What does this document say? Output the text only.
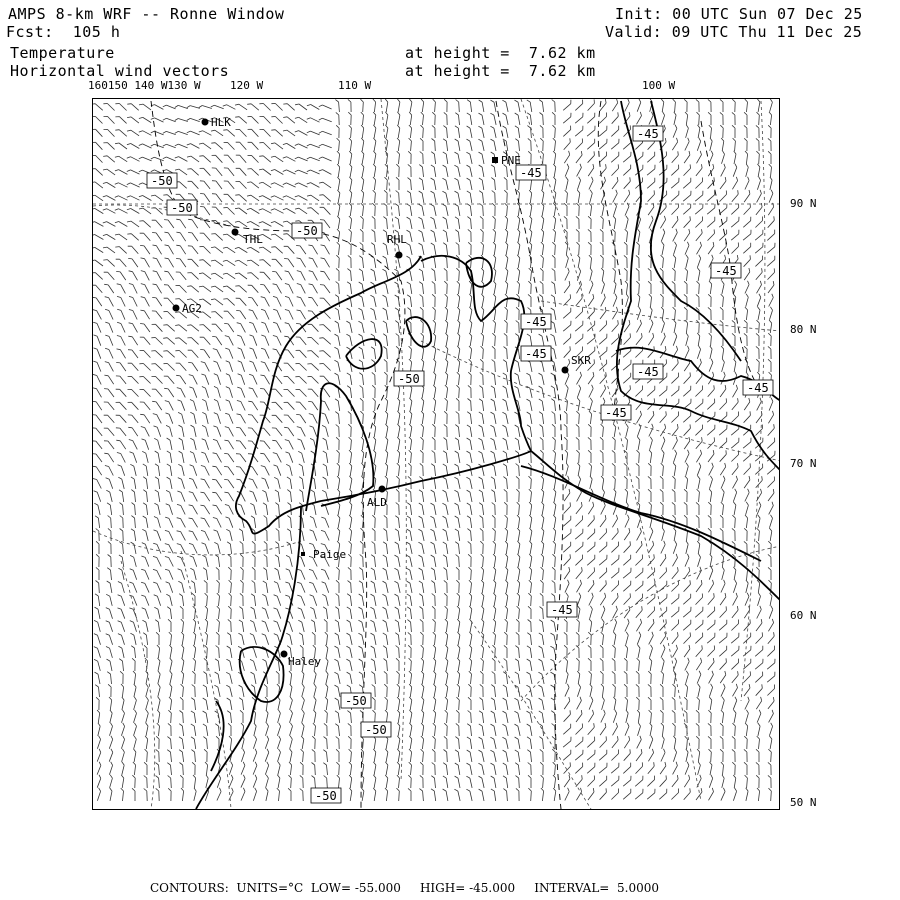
AMPS 8-km WRF -- Ronne Window
Fcst:  105 h
Temperature
Horizontal wind vectors
at height =  7.62 km
at height =  7.62 km
Init: 00 UTC Sun 07 Dec 25
Valid: 09 UTC Thu 11 Dec 25
160150 140 W130 W	120 W	110 W	100 W
90 N
80 N
70 N
60 N
50 N
-50
-50
-50
-45
-45
-45
-45
-45
-45
-45
-50
-45
-45
-50
-50
-50
HLK
PNE
THL	RHL
AG2
SKR
ALD
Paige
Haley
CONTOURS:  UNITS=°C  LOW= -55.000     HIGH= -45.000     INTERVAL=  5.0000
